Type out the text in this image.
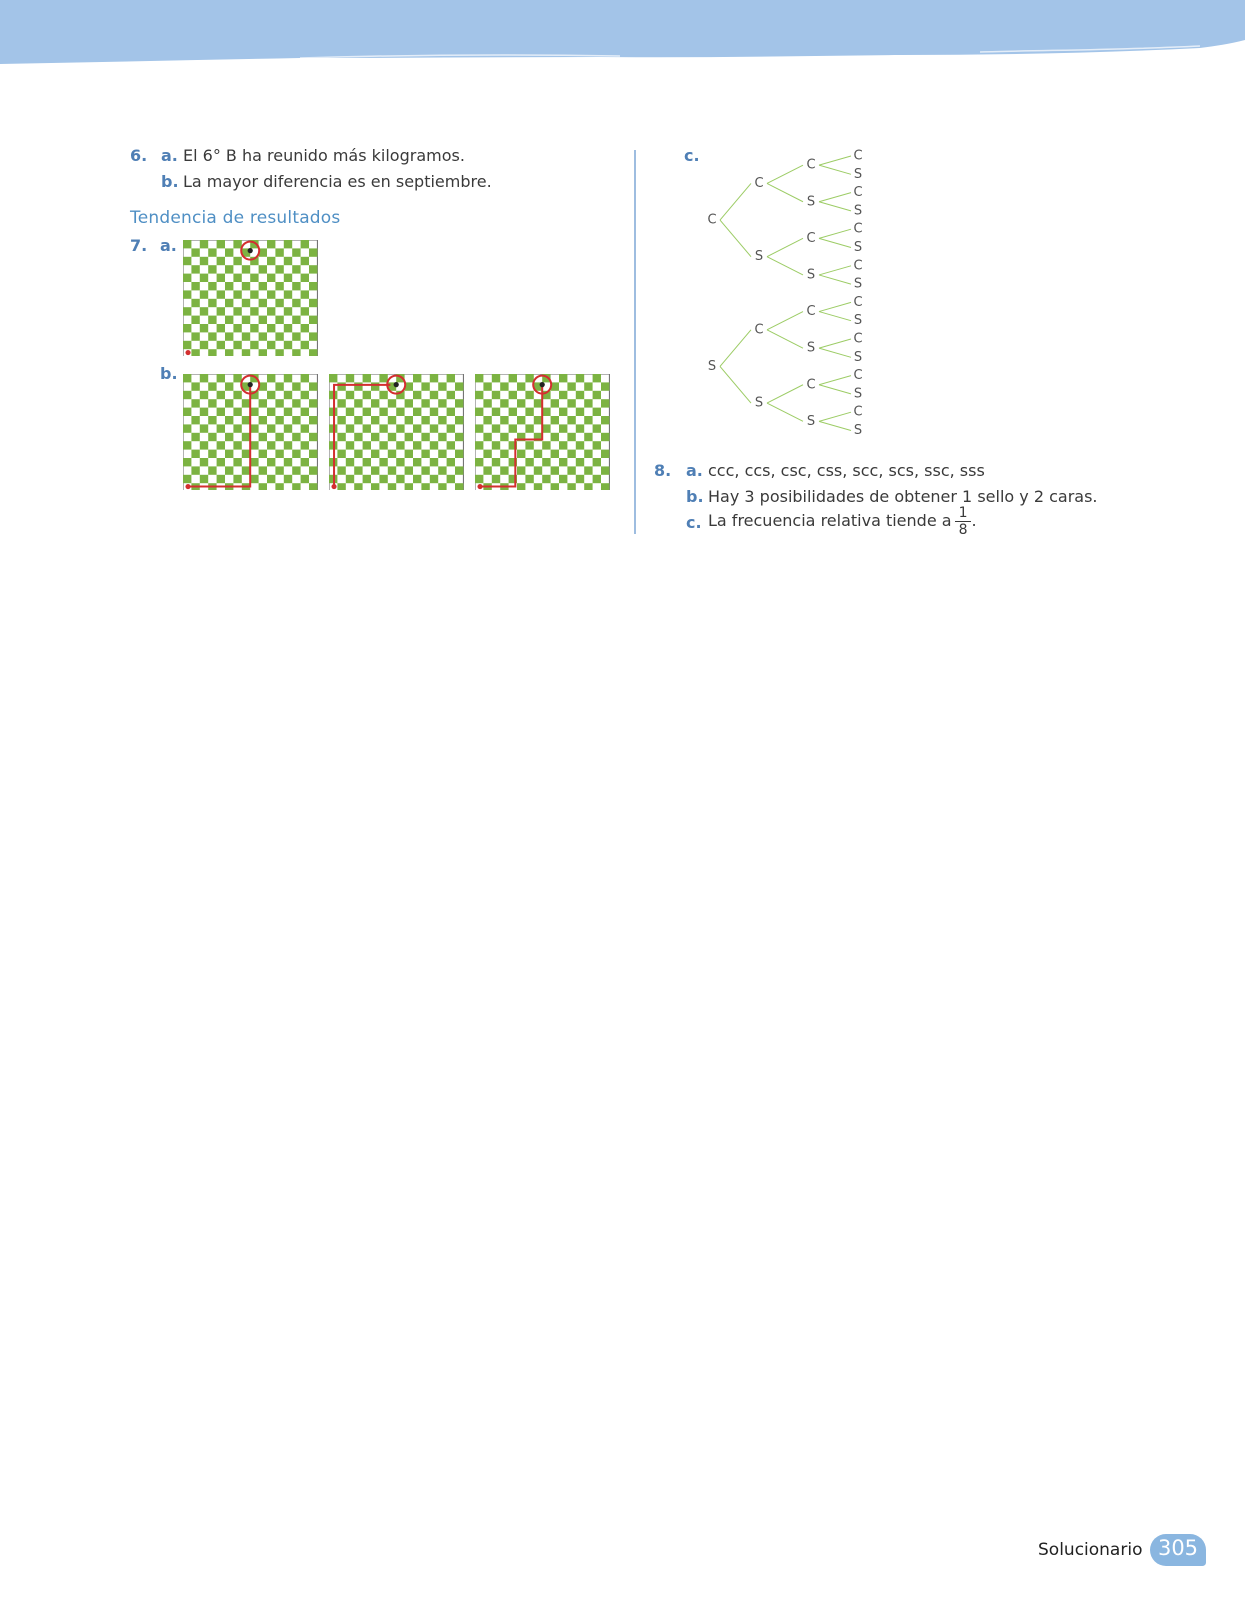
6. a. El 6° B ha reunido más kilogramos.
b. La mayor diferencia es en septiembre.
Tendencia de resultados
7. a.
b.
c.
C
S
C
S
C
S
C
S
C
S
C
S
C
S
C
S
C
S
C
S
C
S
C
S
C
S
C
S
C
S
8. a. ccc, ccs, csc, css, scc, scs, ssc, sss
b. Hay 3 posibilidades de obtener 1 sello y 2 caras.
c. La frecuencia relativa tiende a $\frac{1}{8}$ .
Solucionario 305
